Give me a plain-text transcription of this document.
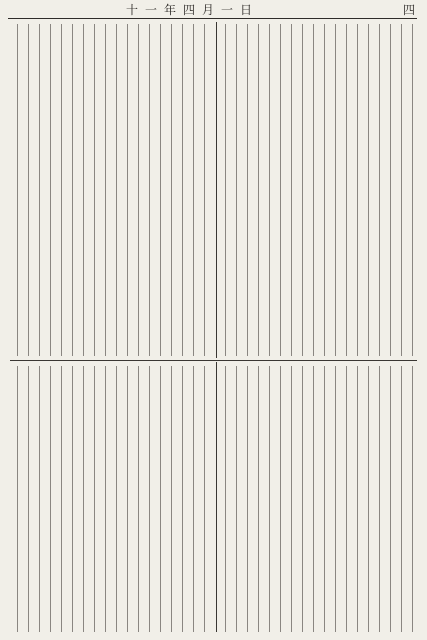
十一年四月一日	四
